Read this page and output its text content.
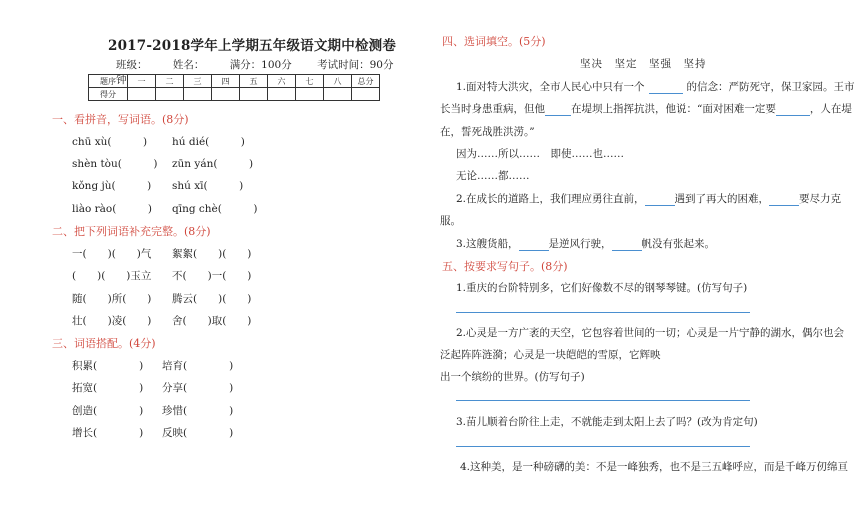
2017-2018学年上学期五年级语文期中检测卷
班级： 姓名： 满分：100分 考试时间：90分钟
题序	一	二	三	四	五	六	七	八	总分
得分									
一、看拼音，写词语。(8分)
chū xù(　　　) hú dié(　　　)
shèn tòu(　　　) zūn yán(　　　)
kǒng jù(　　　) shú xī(　　　)
liào rào(　　　) qīng chè(　　　)
二、把下列词语补充完整。(8分)
一(　　)(　　)气 絮絮(　　)(　　)
(　　)(　　)玉立 不(　　)一(　　)
随(　　)所(　　) 腾云(　　)(　　)
壮(　　)凌(　　) 舍(　　)取(　　)
三、词语搭配。(4分)
积累(　　　　) 培育(　　　　)
拓宽(　　　　) 分享(　　　　)
创造(　　　　) 珍惜(　　　　)
增长(　　　　) 反映(　　　　)
四、选词填空。(5分)
坚决　坚定　坚强　坚持
1.面对特大洪灾，全市人民心中只有一个	的信念：严防死守，保卫家园。王市
长当时身患重病，但他 在堤坝上指挥抗洪，他说：“面对困难一定要	，人在堤
在，誓死战胜洪涝。”
因为……所以……　即使……也……
无论……都……
2.在成长的道路上，我们理应勇往直前，	遇到了再大的困难，	要尽力克
服。
3.这艘货船，	是逆风行驶，	帆没有张起来。
五、按要求写句子。(8分)
1.重庆的台阶特别多，它们好像数不尽的钢琴琴键。(仿写句子)
2.心灵是一方广袤的天空，它包容着世间的一切；心灵是一片宁静的湖水，偶尔也会
泛起阵阵涟漪；心灵是一块皑皑的雪原，它辉映
出一个缤纷的世界。(仿写句子)
3.苗儿顺着台阶往上走，不就能走到太阳上去了吗？(改为肯定句)
4.这种美，是一种磅礴的美：不是一峰独秀，也不是三五峰呼应，而是千峰万仞绵亘
